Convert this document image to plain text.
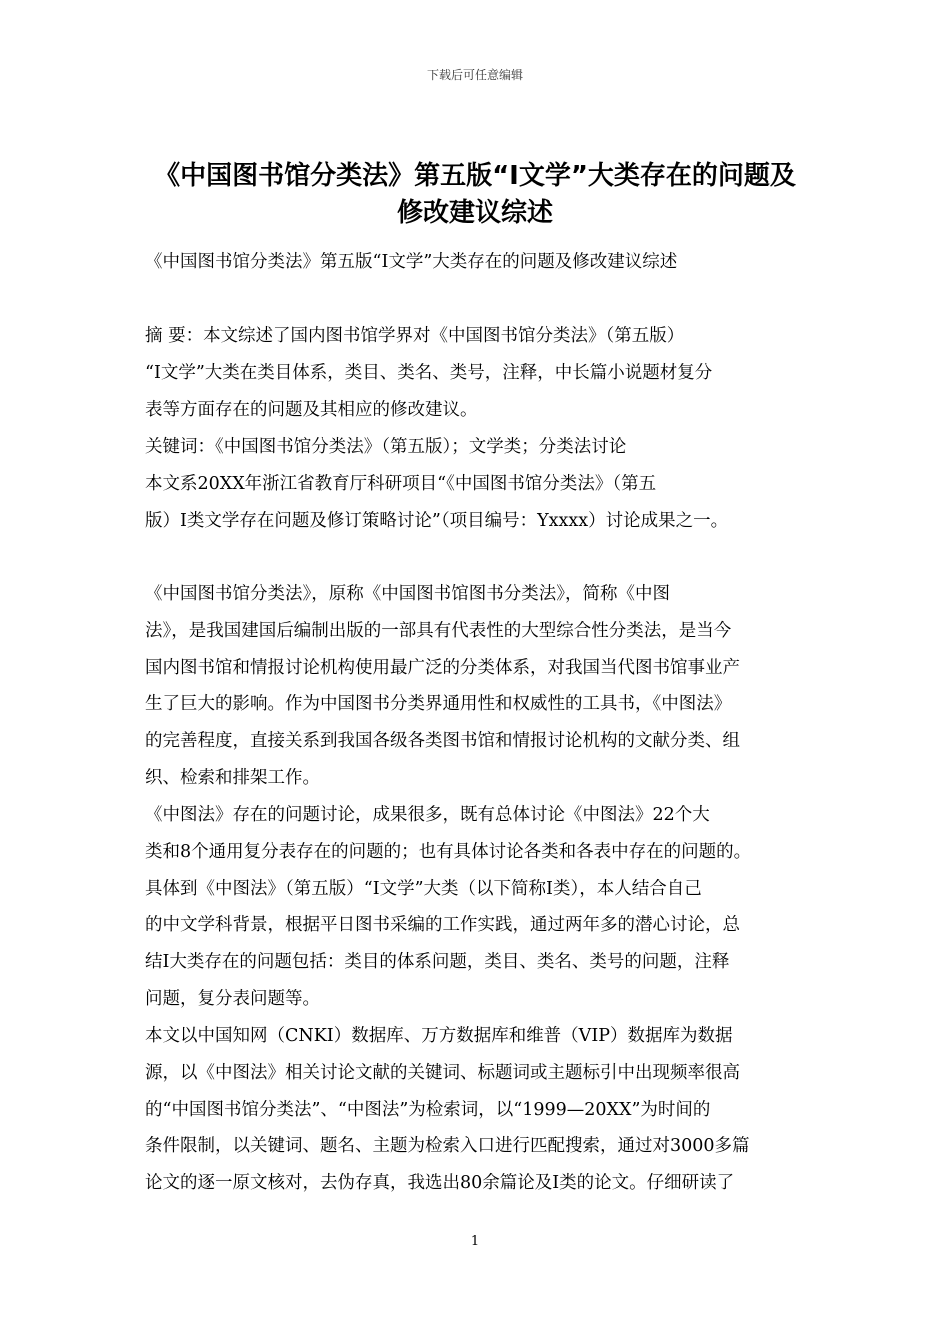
下载后可任意编辑
《中国图书馆分类法》第五版“I文学”大类存在的问题及
修改建议综述
《中国图书馆分类法》第五版“I文学”大类存在的问题及修改建议综述
摘 要：本文综述了国内图书馆学界对《中国图书馆分类法》（第五版）
“I文学”大类在类目体系，类目、类名、类号，注释，中长篇小说题材复分
表等方面存在的问题及其相应的修改建议。
关键词：《中国图书馆分类法》（第五版）；文学类；分类法讨论
本文系20XX年浙江省教育厅科研项目“《中国图书馆分类法》（第五
版）I类文学存在问题及修订策略讨论”（项目编号：Yxxxx）讨论成果之一。
《中国图书馆分类法》，原称《中国图书馆图书分类法》，简称《中图
法》，是我国建国后编制出版的一部具有代表性的大型综合性分类法，是当今
国内图书馆和情报讨论机构使用最广泛的分类体系，对我国当代图书馆事业产
生了巨大的影响。作为中国图书分类界通用性和权威性的工具书，《中图法》
的完善程度，直接关系到我国各级各类图书馆和情报讨论机构的文献分类、组
织、检索和排架工作。
《中图法》存在的问题讨论，成果很多，既有总体讨论《中图法》22个大
类和8个通用复分表存在的问题的；也有具体讨论各类和各表中存在的问题的。
具体到《中图法》（第五版）“I文学”大类（以下简称I类），本人结合自己
的中文学科背景，根据平日图书采编的工作实践，通过两年多的潜心讨论，总
结I大类存在的问题包括：类目的体系问题，类目、类名、类号的问题，注释
问题，复分表问题等。
本文以中国知网（CNKI）数据库、万方数据库和维普（VIP）数据库为数据
源，以《中图法》相关讨论文献的关键词、标题词或主题标引中出现频率很高
的“中国图书馆分类法”、“中图法”为检索词，以“1999—20XX”为时间的
条件限制，以关键词、题名、主题为检索入口进行匹配搜索，通过对3000多篇
论文的逐一原文核对，去伪存真，我选出80余篇论及I类的论文。仔细研读了
1
